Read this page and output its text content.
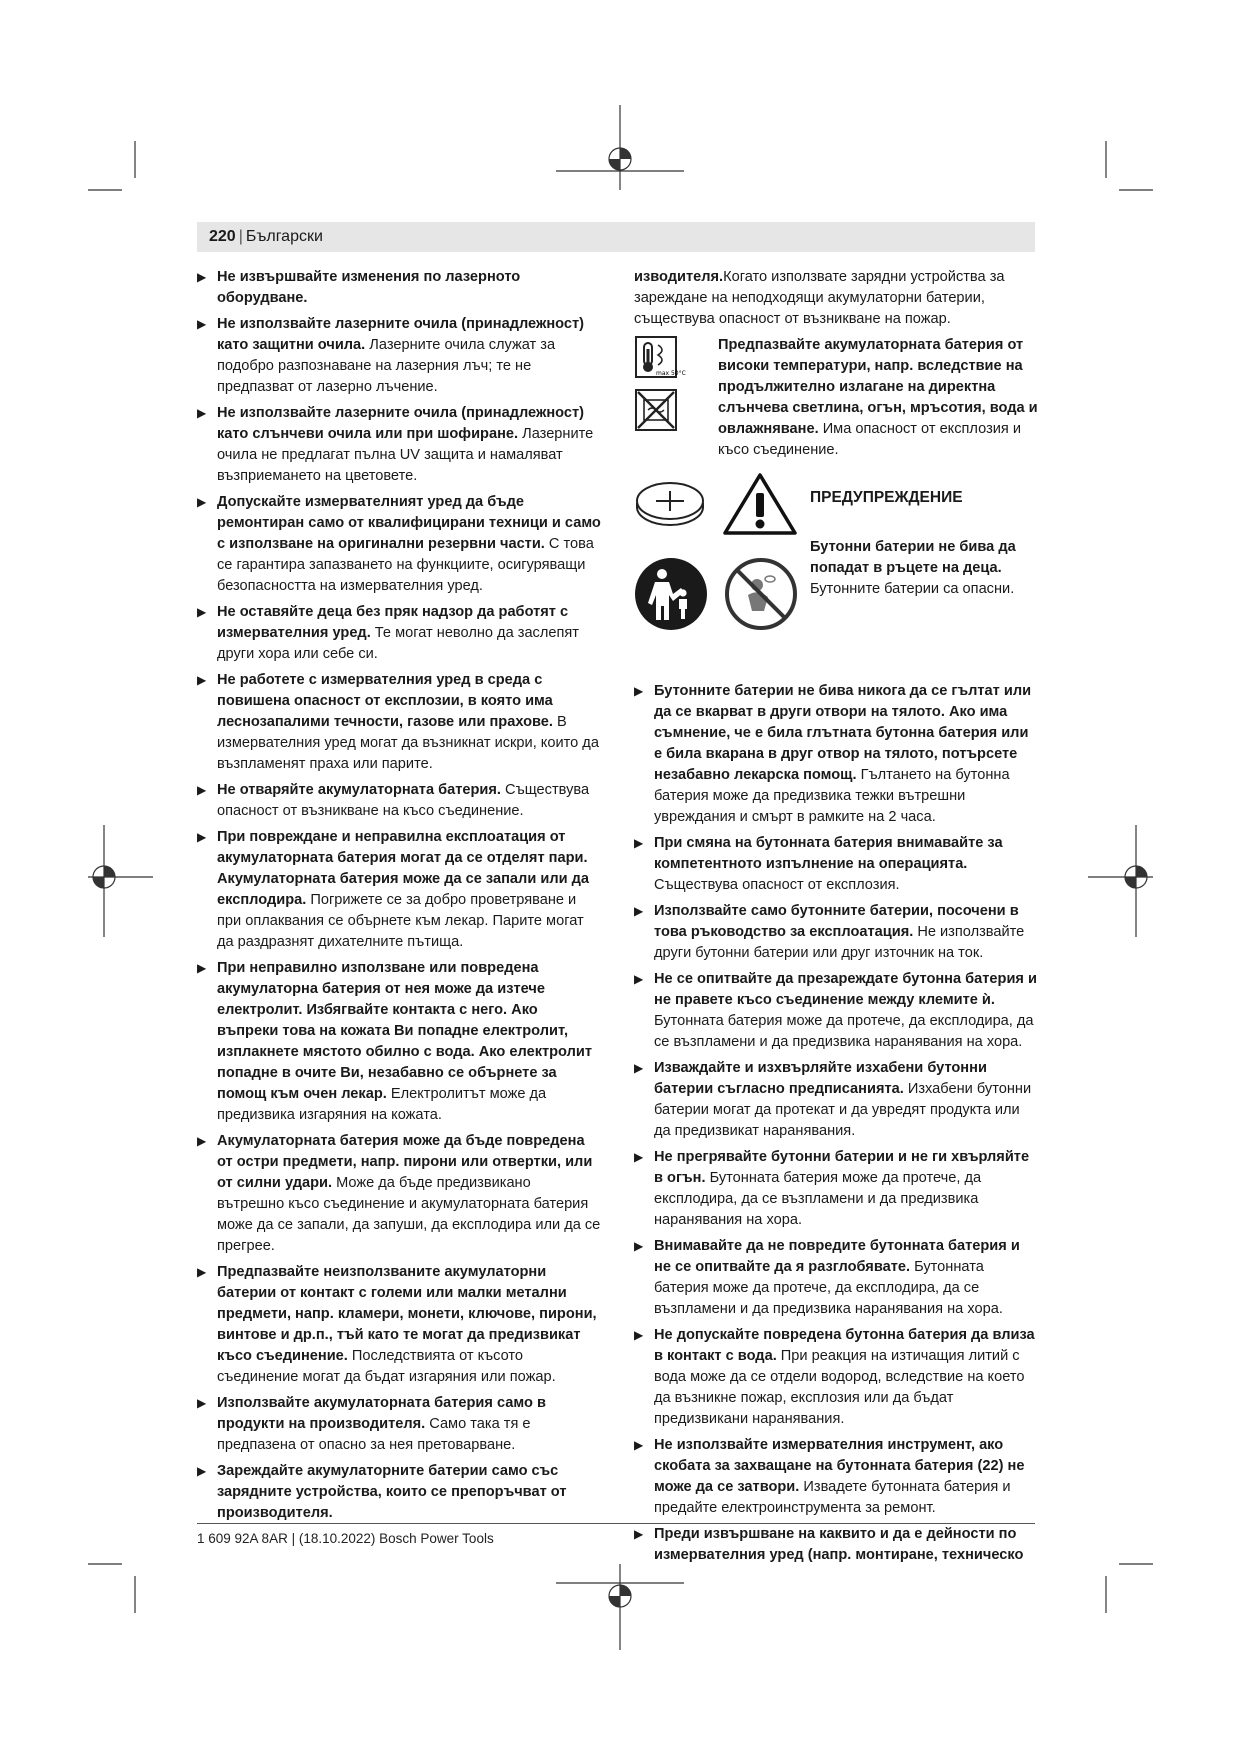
220 | Български
▶ Не извършвайте изменения по лазерното оборудване.
▶ Не използвайте лазерните очила (принадлежност) като защитни очила. Лазерните очила служат за подобро разпознаване на лазерния лъч; те не предпазват от лазерно лъчение.
▶ Не използвайте лазерните очила (принадлежност) като слънчеви очила или при шофиране. Лазерните очила не предлагат пълна UV защита и намаляват възприемането на цветовете.
▶ Допускайте измервателният уред да бъде ремонтиран само от квалифицирани техници и само с използване на оригинални резервни части. С това се гарантира запазването на функциите, осигуряващи безопасността на измервателния уред.
▶ Не оставяйте деца без пряк надзор да работят с измервателния уред. Те могат неволно да заслепят други хора или себе си.
▶ Не работете с измервателния уред в среда с повишена опасност от експлозии, в която има леснозапалими течности, газове или прахове. В измервателния уред могат да възникнат искри, които да възпламенят праха или парите.
▶ Не отваряйте акумулаторната батерия. Съществува опасност от възникване на късо съединение.
▶ При повреждане и неправилна експлоатация от акумулаторната батерия могат да се отделят пари. Акумулаторната батерия може да се запали или да експлодира. Погрижете се за добро проветряване и при оплаквания се обърнете към лекар. Парите могат да раздразнят дихателните пътища.
▶ При неправилно използване или повредена акумулаторна батерия от нея може да изтече електролит. Избягвайте контакта с него. Ако въпреки това на кожата Ви попадне електролит, изплакнете мястото обилно с вода. Ако електролит попадне в очите Ви, незабавно се обърнете за помощ към очен лекар. Електролитът може да предизвика изгаряния на кожата.
▶ Акумулаторната батерия може да бъде повредена от остри предмети, напр. пирони или отвертки, или от силни удари. Може да бъде предизвикано вътрешно късо съединение и акумулаторната батерия може да се запали, да запуши, да експлодира или да се прегрее.
▶ Предпазвайте неизползваните акумулаторни батерии от контакт с големи или малки метални предмети, напр. кламери, монети, ключове, пирони, винтове и др.п., тъй като те могат да предизвикат късо съединение. Последствията от късото съединение могат да бъдат изгаряния или пожар.
▶ Използвайте акумулаторната батерия само в продукти на производителя. Само така тя е предпазена от опасно за нея претоварване.
▶ Зареждайте акумулаторните батерии само със зарядните устройства, които се препоръчват от производителя.
изводителя.Когато използвате зарядни устройства за зареждане на неподходящи акумулаторни батерии, съществува опасност от възникване на пожар.
max 50°C

Предпазвайте акумулаторната батерия от високи температури, напр. вследствие на продължително излагане на директна слънчева светлина, огън, мръсотия, вода и овлажняване. Има опасност от експлозия и късо съединение.
ПРЕДУПРЕЖДЕНИЕ
Бутонни батерии не бива да попадат в ръцете на деца. Бутонните батерии са опасни.
▶ Бутонните батерии не бива никога да се гълтат или да се вкарват в други отвори на тялото. Ако има съмнение, че е била глътната бутонна батерия или е била вкарана в друг отвор на тялото, потърсете незабавно лекарска помощ. Гълтането на бутонна батерия може да предизвика тежки вътрешни увреждания и смърт в рамките на 2 часа.
▶ При смяна на бутонната батерия внимавайте за компетентното изпълнение на операцията. Съществува опасност от експлозия.
▶ Използвайте само бутонните батерии, посочени в това ръководство за експлоатация. Не използвайте други бутонни батерии или друг източник на ток.
▶ Не се опитвайте да презареждате бутонна батерия и не правете късо съединение между клемите ѝ. Бутонната батерия може да протече, да експлодира, да се възпламени и да предизвика наранявания на хора.
▶ Изваждайте и изхвърляйте изхабени бутонни батерии съгласно предписанията. Изхабени бутонни батерии могат да протекат и да увредят продукта или да предизвикат наранявания.
▶ Не прегрявайте бутонни батерии и не ги хвърляйте в огън. Бутонната батерия може да протече, да експлодира, да се възпламени и да предизвика наранявания на хора.
▶ Внимавайте да не повредите бутонната батерия и не се опитвайте да я разглобявате. Бутонната батерия може да протече, да експлодира, да се възпламени и да предизвика наранявания на хора.
▶ Не допускайте повредена бутонна батерия да влиза в контакт с вода. При реакция на изтичащия литий с вода може да се отдели водород, вследствие на което да възникне пожар, експлозия или да бъдат предизвикани наранявания.
▶ Не използвайте измервателния инструмент, ако скобата за захващане на бутонната батерия (22) не може да се затвори. Извадете бутонната батерия и предайте електроинструмента за ремонт.
▶ Преди извършване на каквито и да е дейности по измервателния уред (напр. монтиране, техническо
1 609 92A 8AR | (18.10.2022) Bosch Power Tools
